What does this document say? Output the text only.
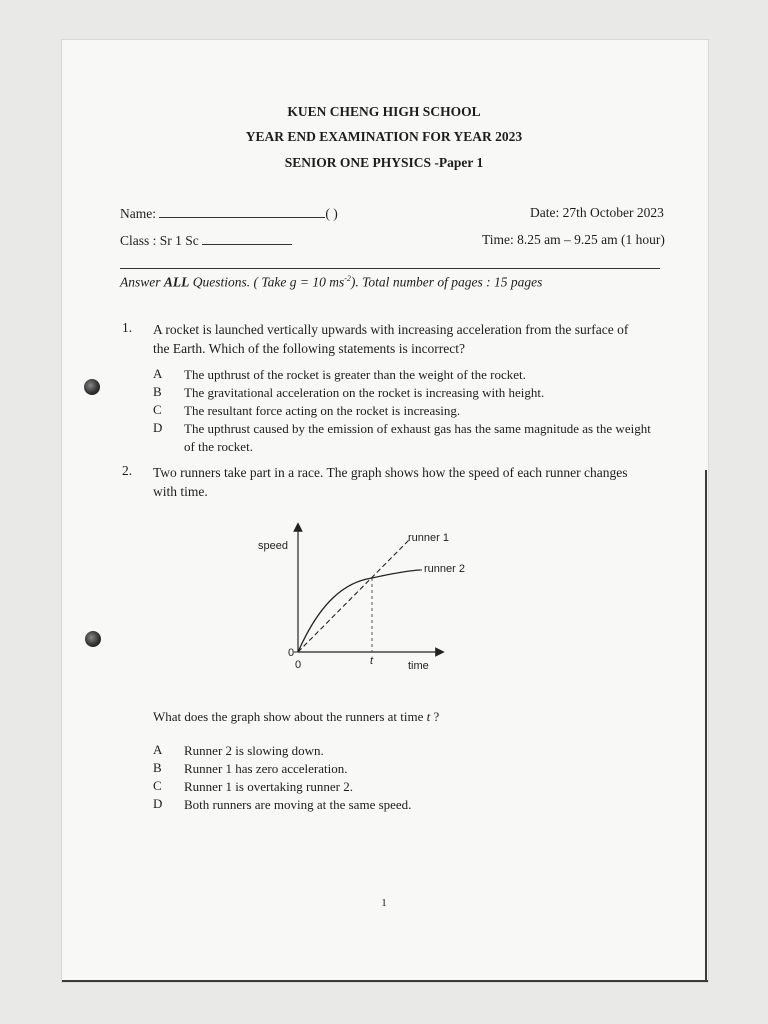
KUEN CHENG HIGH SCHOOL
YEAR END EXAMINATION FOR YEAR 2023
SENIOR ONE PHYSICS -Paper 1
Name:	( )	Date: 27th October 2023
Class : Sr 1 Sc	Time: 8.25 am – 9.25 am (1 hour)
Answer ALL Questions. ( Take g = 10 $ms^{-2}$). Total number of pages : 15 pages
1. A rocket is launched vertically upwards with increasing acceleration from the surface of the Earth. Which of the following statements is incorrect?
A The upthrust of the rocket is greater than the weight of the rocket.
B The gravitational acceleration on the rocket is increasing with height.
C The resultant force acting on the rocket is increasing.
D The upthrust caused by the emission of exhaust gas has the same magnitude as the weight of the rocket.
2. Two runners take part in a race. The graph shows how the speed of each runner changes with time.
speed
runner 1
runner 2
0
0	t	time
What does the graph show about the runners at time t ?
A Runner 2 is slowing down.
B Runner 1 has zero acceleration.
C Runner 1 is overtaking runner 2.
D Both runners are moving at the same speed.
1
